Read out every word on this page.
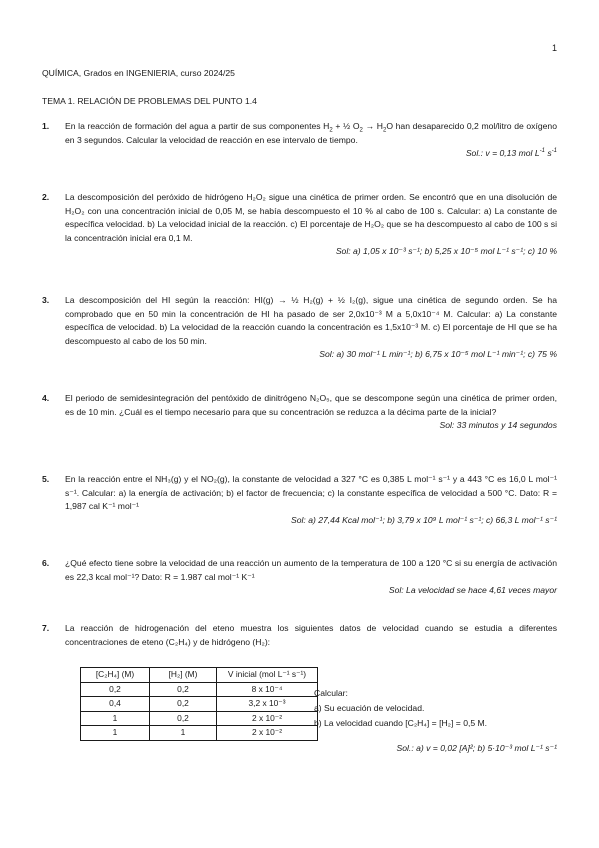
1
QUÍMICA, Grados en INGENIERIA, curso 2024/25
TEMA 1. RELACIÓN DE PROBLEMAS DEL PUNTO 1.4
1. En la reacción de formación del agua a partir de sus componentes $H_2$ + ½ $O_2 \to H_2O$ han desaparecido 0,2 mol/litro de oxígeno en 3 segundos. Calcular la velocidad de reacción en ese intervalo de tiempo.
Sol.: v = 0,13 mol $L^{-1}$ $s^{-1}$
2. La descomposición del peróxido de hidrógeno H₂O₂ sigue una cinética de primer orden. Se encontró que en una disolución de H₂O₂ con una concentración inicial de 0,05 M, se había descompuesto el 10 % al cabo de 100 s. Calcular: a) La constante de específica velocidad. b) La velocidad inicial de la reacción. c) El porcentaje de H₂O₂ que se ha descompuesto al cabo de 100 s si la concentración inicial era 0,1 M.
Sol: a) 1,05 x 10⁻³ s⁻¹; b) 5,25 x 10⁻⁵ mol L⁻¹ s⁻¹; c) 10 %
3. La descomposición del HI según la reacción: HI(g) → ½ H₂(g) + ½ I₂(g), sigue una cinética de segundo orden. Se ha comprobado que en 50 min la concentración de HI ha pasado de ser 2,0x10⁻³ M a 5,0x10⁻⁴ M. Calcular: a) La constante específica de velocidad. b) La velocidad de la reacción cuando la concentración es 1,5x10⁻³ M. c) El porcentaje de HI que se ha descompuesto al cabo de los 50 min.
Sol: a) 30 mol⁻¹ L min⁻¹; b) 6,75 x 10⁻⁵ mol L⁻¹ min⁻¹; c) 75 %
4. El periodo de semidesintegración del pentóxido de dinitrógeno N₂O₅, que se descompone según una cinética de primer orden, es de 10 min. ¿Cuál es el tiempo necesario para que su concentración se reduzca a la décima parte de la inicial?
Sol: 33 minutos y 14 segundos
5. En la reacción entre el NH₃(g) y el NO₂(g), la constante de velocidad a 327 °C es 0,385 L mol⁻¹ s⁻¹ y a 443 °C es 16,0 L mol⁻¹ s⁻¹. Calcular: a) la energía de activación; b) el factor de frecuencia; c) la constante específica de velocidad a 500 °C. Dato: R = 1,987 cal K⁻¹ mol⁻¹
Sol: a) 27,44 Kcal mol⁻¹; b) 3,79 x 10⁹ L mol⁻¹ s⁻¹; c) 66,3 L mol⁻¹ s⁻¹
6. ¿Qué efecto tiene sobre la velocidad de una reacción un aumento de la temperatura de 100 a 120 °C si su energía de activación es 22,3 kcal mol⁻¹? Dato: R = 1.987 cal mol⁻¹ K⁻¹
Sol: La velocidad se hace 4,61 veces mayor
7. La reacción de hidrogenación del eteno muestra los siguientes datos de velocidad cuando se estudia a diferentes concentraciones de eteno (C₂H₄) y de hidrógeno (H₂):
[C₂H₄] (M)	[H₂] (M)	V inicial (mol L⁻¹ s⁻¹)
0,2	0,2	8 x 10⁻⁴
0,4	0,2	3,2 x 10⁻³
1	0,2	2 x 10⁻²
1	1	2 x 10⁻²
Calcular:
a) Su ecuación de velocidad.
b) La velocidad cuando [C₂H₄] = [H₂] = 0,5 M.
Sol.: a) v = 0,02 [A]²; b) 5·10⁻³ mol L⁻¹ s⁻¹
